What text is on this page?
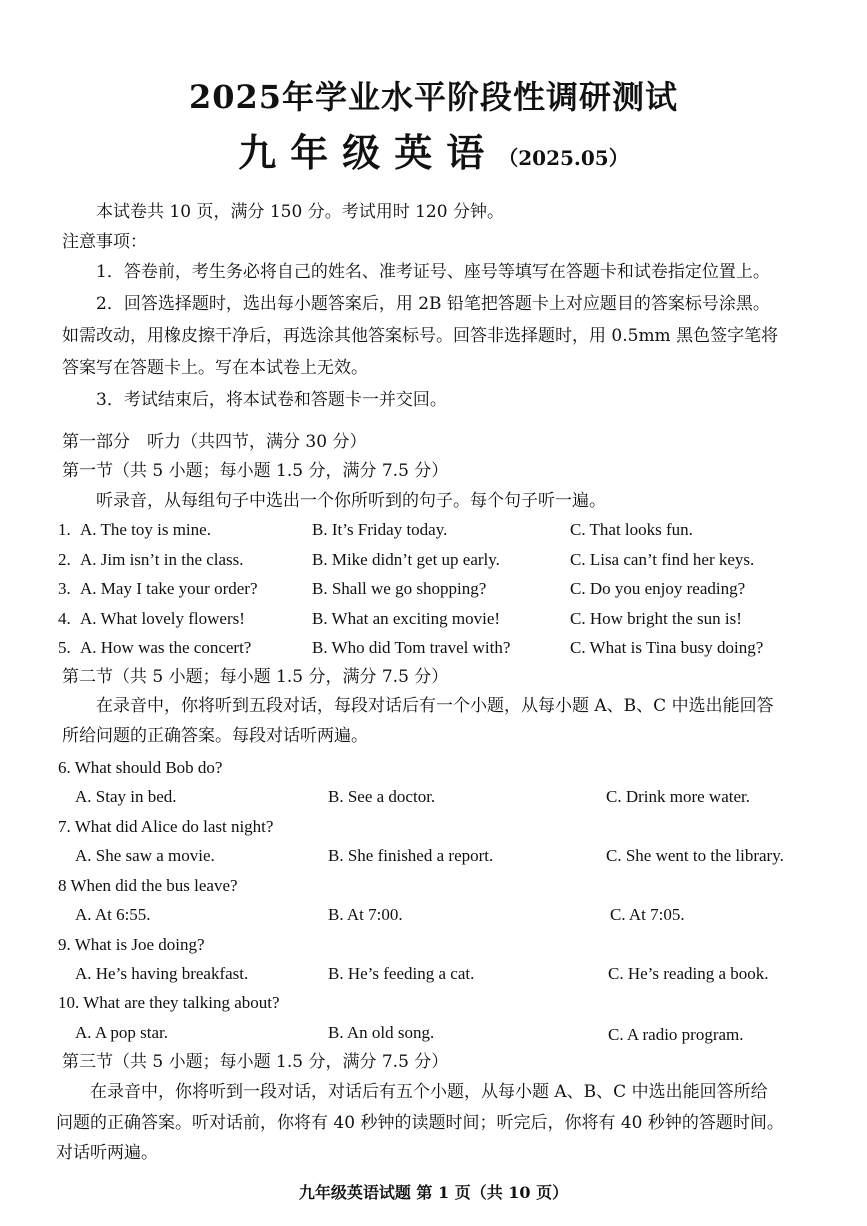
2025年学业水平阶段性调研测试
九年级英语（2025.05）
本试卷共 10 页，满分 150 分。考试用时 120 分钟。
注意事项：
1．答卷前，考生务必将自己的姓名、准考证号、座号等填写在答题卡和试卷指定位置上。
2．回答选择题时，选出每小题答案后，用 2B 铅笔把答题卡上对应题目的答案标号涂黑。
如需改动，用橡皮擦干净后，再选涂其他答案标号。回答非选择题时，用 0.5mm 黑色签字笔将
答案写在答题卡上。写在本试卷上无效。
3．考试结束后，将本试卷和答题卡一并交回。
第一部分　听力（共四节，满分 30 分）
第一节（共 5 小题；每小题 1.5 分，满分 7.5 分）
听录音，从每组句子中选出一个你所听到的句子。每个句子听一遍。
1. A. The toy is mine.	B. It’s Friday today.	C. That looks fun.
2. A. Jim isn’t in the class.	B. Mike didn’t get up early.	C. Lisa can’t find her keys.
3. A. May I take your order?	B. Shall we go shopping?	C. Do you enjoy reading?
4. A. What lovely flowers!	B. What an exciting movie!	C. How bright the sun is!
5. A. How was the concert?	B. Who did Tom travel with?	C. What is Tina busy doing?
第二节（共 5 小题；每小题 1.5 分，满分 7.5 分）
在录音中，你将听到五段对话，每段对话后有一个小题，从每小题 A、B、C 中选出能回答
所给问题的正确答案。每段对话听两遍。
6. What should Bob do?
A. Stay in bed.	B. See a doctor.	C. Drink more water.
7. What did Alice do last night?
A. She saw a movie.	B. She finished a report.	C. She went to the library.
8 When did the bus leave?
A. At 6:55.	B. At 7:00.	C. At 7:05.
9. What is Joe doing?
A. He’s having breakfast.	B. He’s feeding a cat.	C. He’s reading a book.
10. What are they talking about?
A. A pop star.	B. An old song.	C. A radio program.
第三节（共 5 小题；每小题 1.5 分，满分 7.5 分）
在录音中，你将听到一段对话，对话后有五个小题，从每小题 A、B、C 中选出能回答所给
问题的正确答案。听对话前，你将有 40 秒钟的读题时间；听完后，你将有 40 秒钟的答题时间。
对话听两遍。
九年级英语试题 第 1 页（共 10 页）
